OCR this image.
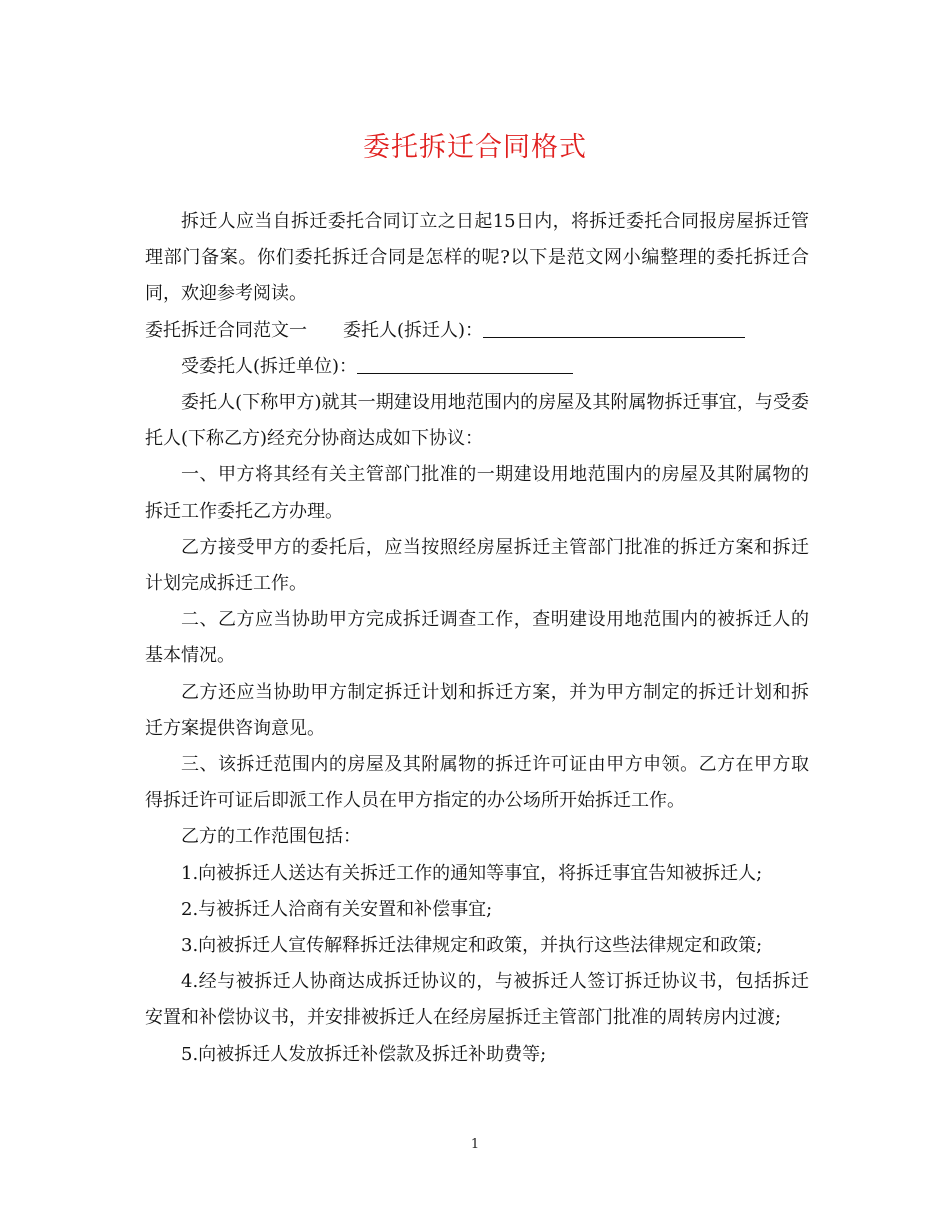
委托拆迁合同格式

拆迁人应当自拆迁委托合同订立之日起15日内，将拆迁委托合同报房屋拆迁管理部门备案。你们委托拆迁合同是怎样的呢?以下是范文网小编整理的委托拆迁合同，欢迎参考阅读。

委托拆迁合同范文一 委托人(拆迁人)：

受委托人(拆迁单位)：

委托人(下称甲方)就其一期建设用地范围内的房屋及其附属物拆迁事宜，与受委托人(下称乙方)经充分协商达成如下协议：

一、甲方将其经有关主管部门批准的一期建设用地范围内的房屋及其附属物的拆迁工作委托乙方办理。

乙方接受甲方的委托后，应当按照经房屋拆迁主管部门批准的拆迁方案和拆迁计划完成拆迁工作。

二、乙方应当协助甲方完成拆迁调查工作，查明建设用地范围内的被拆迁人的基本情况。

乙方还应当协助甲方制定拆迁计划和拆迁方案，并为甲方制定的拆迁计划和拆迁方案提供咨询意见。

三、该拆迁范围内的房屋及其附属物的拆迁许可证由甲方申领。乙方在甲方取得拆迁许可证后即派工作人员在甲方指定的办公场所开始拆迁工作。

乙方的工作范围包括：

1.向被拆迁人送达有关拆迁工作的通知等事宜，将拆迁事宜告知被拆迁人;

2.与被拆迁人洽商有关安置和补偿事宜;

3.向被拆迁人宣传解释拆迁法律规定和政策，并执行这些法律规定和政策;

4.经与被拆迁人协商达成拆迁协议的，与被拆迁人签订拆迁协议书，包括拆迁安置和补偿协议书，并安排被拆迁人在经房屋拆迁主管部门批准的周转房内过渡;

5.向被拆迁人发放拆迁补偿款及拆迁补助费等;

1
